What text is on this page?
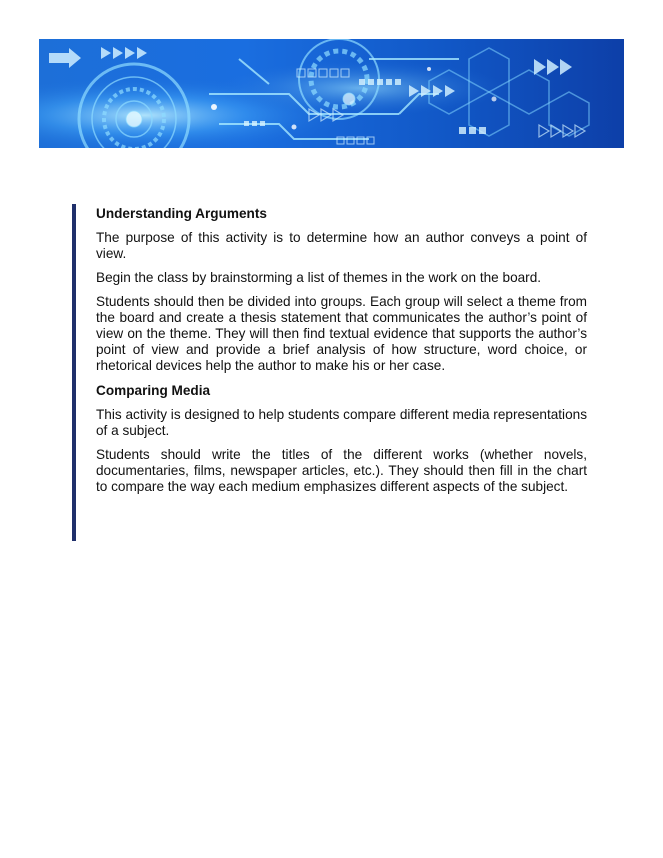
Understanding Arguments

The purpose of this activity is to determine how an author conveys a point of view.

Begin the class by brainstorming a list of themes in the work on the board.

Students should then be divided into groups. Each group will select a theme from the board and create a thesis statement that communicates the author’s point of view on the theme. They will then find textual evidence that supports the author’s point of view and provide a brief analysis of how structure, word choice, or rhetorical devices help the author to make his or her case.

Comparing Media

This activity is designed to help students compare different media representations of a subject.

Students should write the titles of the different works (whether novels, documentaries, films, newspaper articles, etc.). They should then fill in the chart to compare the way each medium emphasizes different aspects of the subject.
